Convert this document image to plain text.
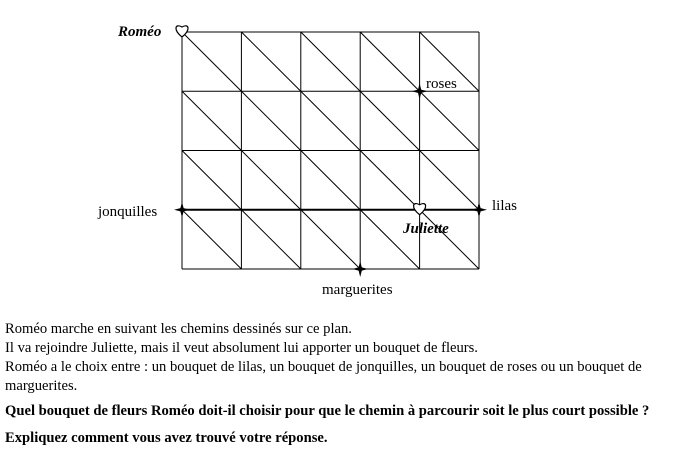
Roméo
roses
lilas
jonquilles
Juliette
marguerites

Roméo marche en suivant les chemins dessinés sur ce plan.

Il va rejoindre Juliette, mais il veut absolument lui apporter un bouquet de fleurs.

Roméo a le choix entre : un bouquet de lilas, un bouquet de jonquilles, un bouquet de roses ou un bouquet de marguerites.

Quel bouquet de fleurs Roméo doit-il choisir pour que le chemin à parcourir soit le plus court possible ?

Expliquez comment vous avez trouvé votre réponse.
